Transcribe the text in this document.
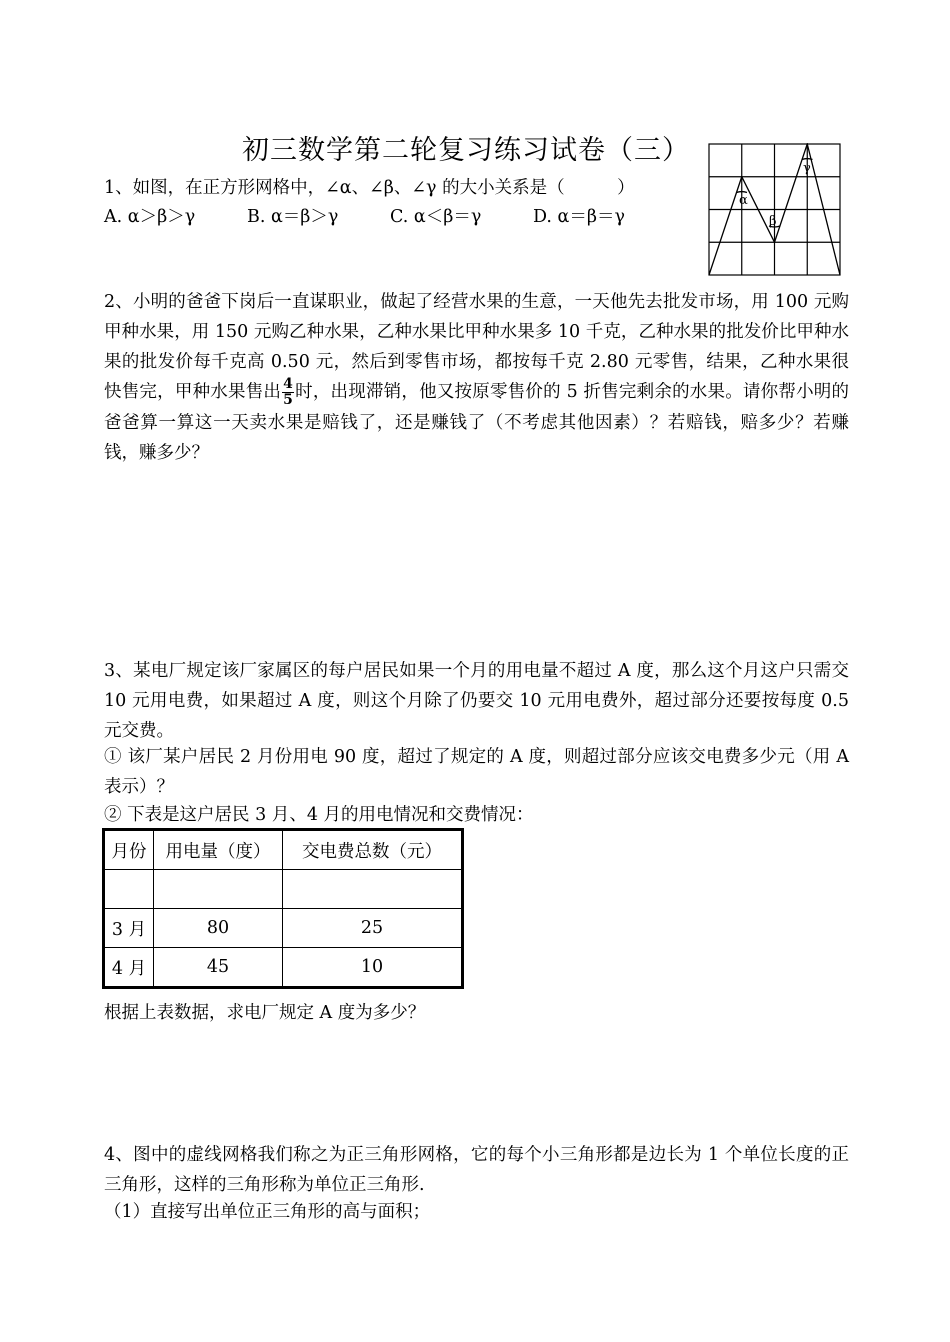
初三数学第二轮复习练习试卷（三）
1、如图，在正方形网格中，∠α、∠β、∠γ 的大小关系是（　　　）
A. α＞β＞γ	B. α＝β＞γ	C. α＜β＝γ	D. α＝β＝γ
α
β
γ

2、小明的爸爸下岗后一直谋职业，做起了经营水果的生意，一天他先去批发市场，用 100 元购甲种水果，用 150 元购乙种水果，乙种水果比甲种水果多 10 千克，乙种水果的批发价比甲种水果的批发价每千克高 0.50 元，然后到零售市场，都按每千克 2.80 元零售，结果，乙种水果很快售完，甲种水果售出 $\frac{4}{5}$ 时，出现滞销，他又按原零售价的 5 折售完剩余的水果。请你帮小明的爸爸算一算这一天卖水果是赔钱了，还是赚钱了（不考虑其他因素）？若赔钱，赔多少？若赚钱，赚多少？

3、某电厂规定该厂家属区的每户居民如果一个月的用电量不超过 A 度，那么这个月这户只需交 10 元用电费，如果超过 A 度，则这个月除了仍要交 10 元用电费外，超过部分还要按每度 0.5 元交费。
① 该厂某户居民 2 月份用电 90 度，超过了规定的 A 度，则超过部分应该交电费多少元（用 A 表示）？
② 下表是这户居民 3 月、4 月的用电情况和交费情况：
月份	用电量（度）	交电费总数（元）

3 月	80	25
4 月	45	10
根据上表数据，求电厂规定 A 度为多少？
4、图中的虚线网格我们称之为正三角形网格，它的每个小三角形都是边长为 1 个单位长度的正三角形，这样的三角形称为单位正三角形.
（1）直接写出单位正三角形的高与面积；
